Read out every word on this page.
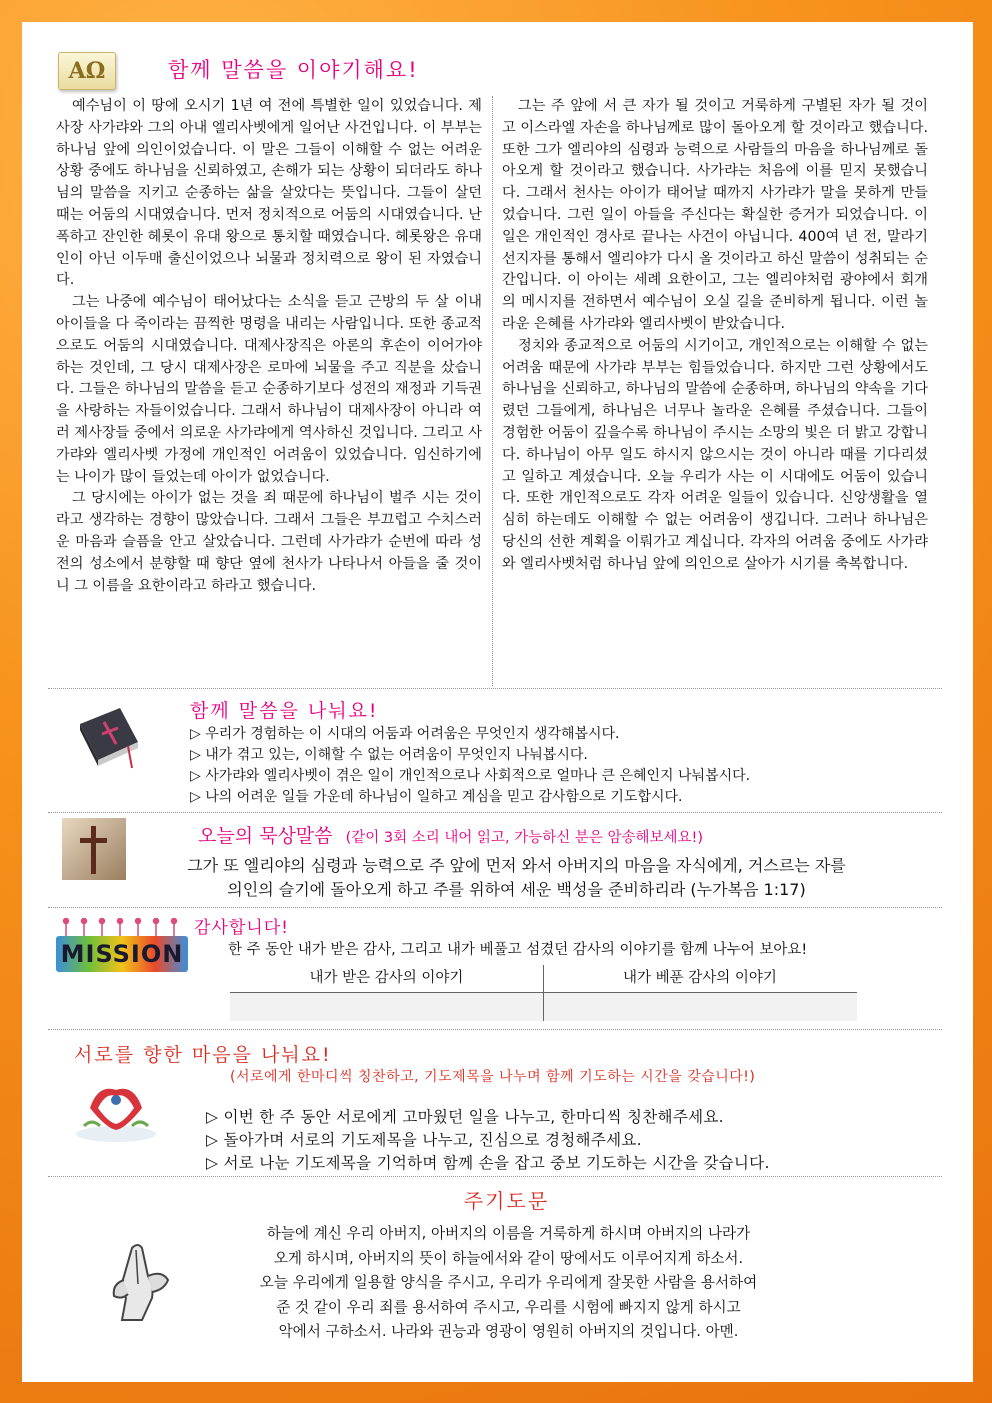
AΩ	함께 말씀을 이야기해요!

예수님이 이 땅에 오시기 1년 여 전에 특별한 일이 있었습니다. 제사장 사가랴와 그의 아내 엘리사벳에게 일어난 사건입니다. 이 부부는 하나님 앞에 의인이었습니다. 이 말은 그들이 이해할 수 없는 어려운 상황 중에도 하나님을 신뢰하였고, 손해가 되는 상황이 되더라도 하나님의 말씀을 지키고 순종하는 삶을 살았다는 뜻입니다. 그들이 살던 때는 어둠의 시대였습니다. 먼저 정치적으로 어둠의 시대였습니다. 난폭하고 잔인한 헤롯이 유대 왕으로 통치할 때였습니다. 헤롯왕은 유대인이 아닌 이두매 출신이었으나 뇌물과 정치력으로 왕이 된 자였습니다.

그는 나중에 예수님이 태어났다는 소식을 듣고 근방의 두 살 이내 아이들을 다 죽이라는 끔찍한 명령을 내리는 사람입니다. 또한 종교적으로도 어둠의 시대였습니다. 대제사장직은 아론의 후손이 이어가야 하는 것인데, 그 당시 대제사장은 로마에 뇌물을 주고 직분을 샀습니다. 그들은 하나님의 말씀을 듣고 순종하기보다 성전의 재정과 기득권을 사랑하는 자들이었습니다. 그래서 하나님이 대제사장이 아니라 여러 제사장들 중에서 의로운 사가랴에게 역사하신 것입니다. 그리고 사가랴와 엘리사벳 가정에 개인적인 어려움이 있었습니다. 임신하기에는 나이가 많이 들었는데 아이가 없었습니다.

그 당시에는 아이가 없는 것을 죄 때문에 하나님이 벌주 시는 것이라고 생각하는 경향이 많았습니다. 그래서 그들은 부끄럽고 수치스러운 마음과 슬픔을 안고 살았습니다. 그런데 사가랴가 순번에 따라 성전의 성소에서 분향할 때 향단 옆에 천사가 나타나서 아들을 줄 것이니 그 이름을 요한이라고 하라고 했습니다.

그는 주 앞에 서 큰 자가 될 것이고 거룩하게 구별된 자가 될 것이고 이스라엘 자손을 하나님께로 많이 돌아오게 할 것이라고 했습니다. 또한 그가 엘리야의 심령과 능력으로 사람들의 마음을 하나님께로 돌아오게 할 것이라고 했습니다. 사가랴는 처음에 이를 믿지 못했습니다. 그래서 천사는 아이가 태어날 때까지 사가랴가 말을 못하게 만들었습니다. 그런 일이 아들을 주신다는 확실한 증거가 되었습니다. 이 일은 개인적인 경사로 끝나는 사건이 아닙니다. 400여 년 전, 말라기 선지자를 통해서 엘리야가 다시 올 것이라고 하신 말씀이 성취되는 순간입니다. 이 아이는 세례 요한이고, 그는 엘리야처럼 광야에서 회개의 메시지를 전하면서 예수님이 오실 길을 준비하게 됩니다. 이런 놀라운 은혜를 사가랴와 엘리사벳이 받았습니다.

정치와 종교적으로 어둠의 시기이고, 개인적으로는 이해할 수 없는 어려움 때문에 사가랴 부부는 힘들었습니다. 하지만 그런 상황에서도 하나님을 신뢰하고, 하나님의 말씀에 순종하며, 하나님의 약속을 기다렸던 그들에게, 하나님은 너무나 놀라운 은혜를 주셨습니다. 그들이 경험한 어둠이 깊을수록 하나님이 주시는 소망의 빛은 더 밝고 강합니다. 하나님이 아무 일도 하시지 않으시는 것이 아니라 때를 기다리셨고 일하고 계셨습니다. 오늘 우리가 사는 이 시대에도 어둠이 있습니다. 또한 개인적으로도 각자 어려운 일들이 있습니다. 신앙생활을 열심히 하는데도 이해할 수 없는 어려움이 생깁니다. 그러나 하나님은 당신의 선한 계획을 이뤄가고 계십니다. 각자의 어려움 중에도 사가랴와 엘리사벳처럼 하나님 앞에 의인으로 살아가 시기를 축복합니다.

함께 말씀을 나눠요!
▷ 우리가 경험하는 이 시대의 어둠과 어려움은 무엇인지 생각해봅시다.
▷ 내가 겪고 있는, 이해할 수 없는 어려움이 무엇인지 나눠봅시다.
▷ 사가랴와 엘리사벳이 겪은 일이 개인적으로나 사회적으로 얼마나 큰 은혜인지 나눠봅시다.
▷ 나의 어려운 일들 가운데 하나님이 일하고 계심을 믿고 감사함으로 기도합시다.
오늘의 묵상말씀 (같이 3회 소리 내어 읽고, 가능하신 분은 암송해보세요!)
그가 또 엘리야의 심령과 능력으로 주 앞에 먼저 와서 아버지의 마음을 자식에게, 거스르는 자를
의인의 슬기에 돌아오게 하고 주를 위하여 세운 백성을 준비하리라 (누가복음 1:17)
MISSION
감사합니다!
한 주 동안 내가 받은 감사, 그리고 내가 베풀고 섬겼던 감사의 이야기를 함께 나누어 보아요!
내가 받은 감사의 이야기	내가 베푼 감사의 이야기
서로를 향한 마음을 나눠요!
(서로에게 한마디씩 칭찬하고, 기도제목을 나누며 함께 기도하는 시간을 갖습니다!)
▷ 이번 한 주 동안 서로에게 고마웠던 일을 나누고, 한마디씩 칭찬해주세요.
▷ 돌아가며 서로의 기도제목을 나누고, 진심으로 경청해주세요.
▷ 서로 나눈 기도제목을 기억하며 함께 손을 잡고 중보 기도하는 시간을 갖습니다.
주기도문
하늘에 계신 우리 아버지, 아버지의 이름을 거룩하게 하시며 아버지의 나라가
오게 하시며, 아버지의 뜻이 하늘에서와 같이 땅에서도 이루어지게 하소서.
오늘 우리에게 일용할 양식을 주시고, 우리가 우리에게 잘못한 사람을 용서하여
준 것 같이 우리 죄를 용서하여 주시고, 우리를 시험에 빠지지 않게 하시고
악에서 구하소서. 나라와 권능과 영광이 영원히 아버지의 것입니다. 아멘.
